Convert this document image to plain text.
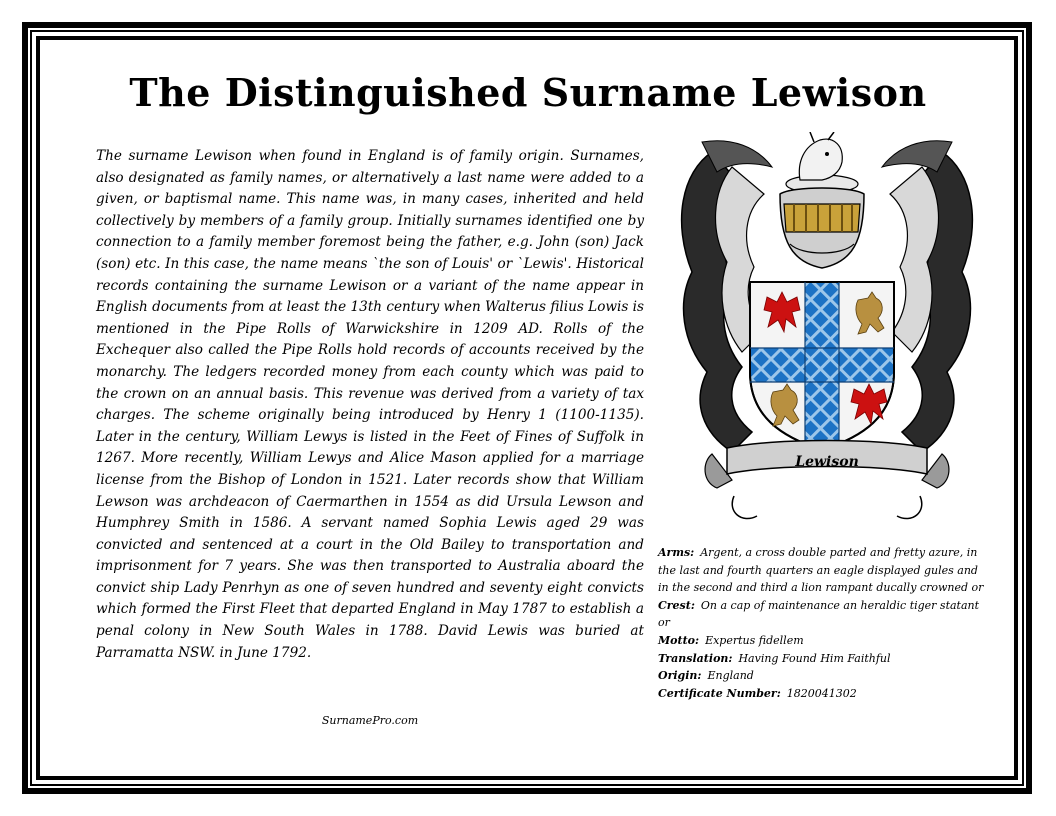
The Distinguished Surname Lewison

The surname Lewison when found in England is of family origin. Surnames, also designated as family names, or alternatively a last name were added to a given, or baptismal name. This name was, in many cases, inherited and held collectively by members of a family group. Initially surnames identified one by connection to a family member foremost being the father, e.g. John (son) Jack (son) etc. In this case, the name means `the son of Louis' or `Lewis'. Historical records containing the surname Lewison or a variant of the name appear in English documents from at least the 13th century when Walterus filius Lowis is mentioned in the Pipe Rolls of Warwickshire in 1209 AD. Rolls of the Exchequer also called the Pipe Rolls hold records of accounts received by the monarchy. The ledgers recorded money from each county which was paid to the crown on an annual basis. This revenue was derived from a variety of tax charges. The scheme originally being introduced by Henry 1 (1100-1135). Later in the century, William Lewys is listed in the Feet of Fines of Suffolk in 1267. More recently, William Lewys and Alice Mason applied for a marriage license from the Bishop of London in 1521. Later records show that William Lewson was archdeacon of Caermarthen in 1554 as did Ursula Lewson and Humphrey Smith in 1586. A servant named Sophia Lewis aged 29 was convicted and sentenced at a court in the Old Bailey to transportation and imprisonment for 7 years. She was then transported to Australia aboard the convict ship Lady Penrhyn as one of seven hundred and seventy eight convicts which formed the First Fleet that departed England in May 1787 to establish a penal colony in New South Wales in 1788. David Lewis was buried at Parramatta NSW. in June 1792.

SurnamePro.com
Lewison

Arms: Argent, a cross double parted and fretty azure, in the last and fourth quarters an eagle displayed gules and in the second and third a lion rampant ducally crowned or

Crest: On a cap of maintenance an heraldic tiger statant or

Motto: Expertus fidellem

Translation: Having Found Him Faithful

Origin: England

Certificate Number: 1820041302
